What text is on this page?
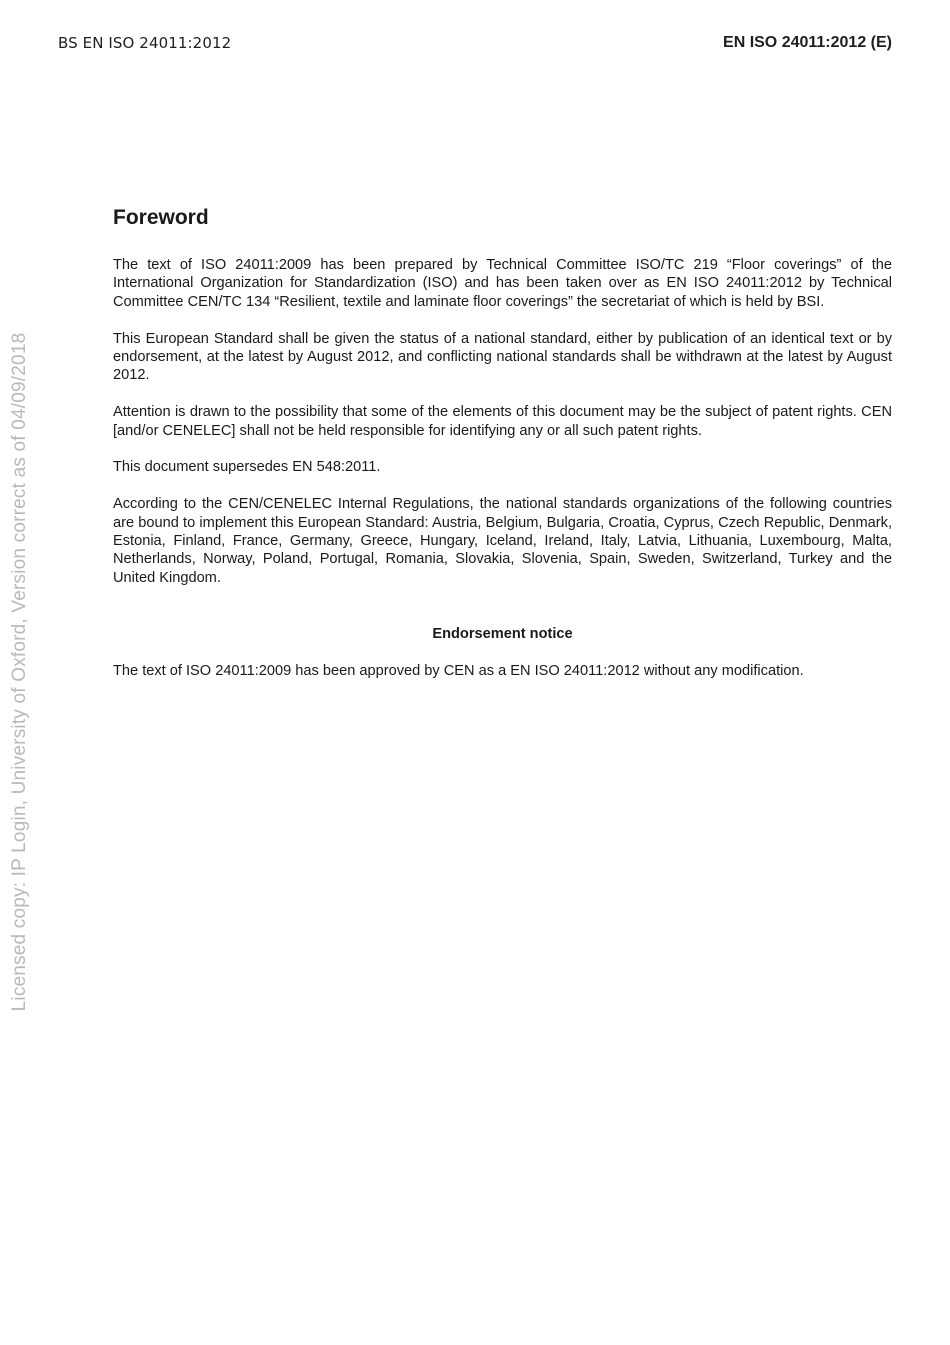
BS EN ISO 24011:2012	EN ISO 24011:2012 (E)
Licensed copy: IP Login, University of Oxford, Version correct as of 04/09/2018
Foreword

The text of ISO 24011:2009 has been prepared by Technical Committee ISO/TC 219 “Floor coverings” of the International Organization for Standardization (ISO) and has been taken over as EN ISO 24011:2012 by Technical Committee CEN/TC 134 “Resilient, textile and laminate floor coverings” the secretariat of which is held by BSI.

This European Standard shall be given the status of a national standard, either by publication of an identical text or by endorsement, at the latest by August 2012, and conflicting national standards shall be withdrawn at the latest by August 2012.

Attention is drawn to the possibility that some of the elements of this document may be the subject of patent rights. CEN [and/or CENELEC] shall not be held responsible for identifying any or all such patent rights.

This document supersedes EN 548:2011.

According to the CEN/CENELEC Internal Regulations, the national standards organizations of the following countries are bound to implement this European Standard: Austria, Belgium, Bulgaria, Croatia, Cyprus, Czech Republic, Denmark, Estonia, Finland, France, Germany, Greece, Hungary, Iceland, Ireland, Italy, Latvia, Lithuania, Luxembourg, Malta, Netherlands, Norway, Poland, Portugal, Romania, Slovakia, Slovenia, Spain, Sweden, Switzerland, Turkey and the United Kingdom.

Endorsement notice

The text of ISO 24011:2009 has been approved by CEN as a EN ISO 24011:2012 without any modification.
